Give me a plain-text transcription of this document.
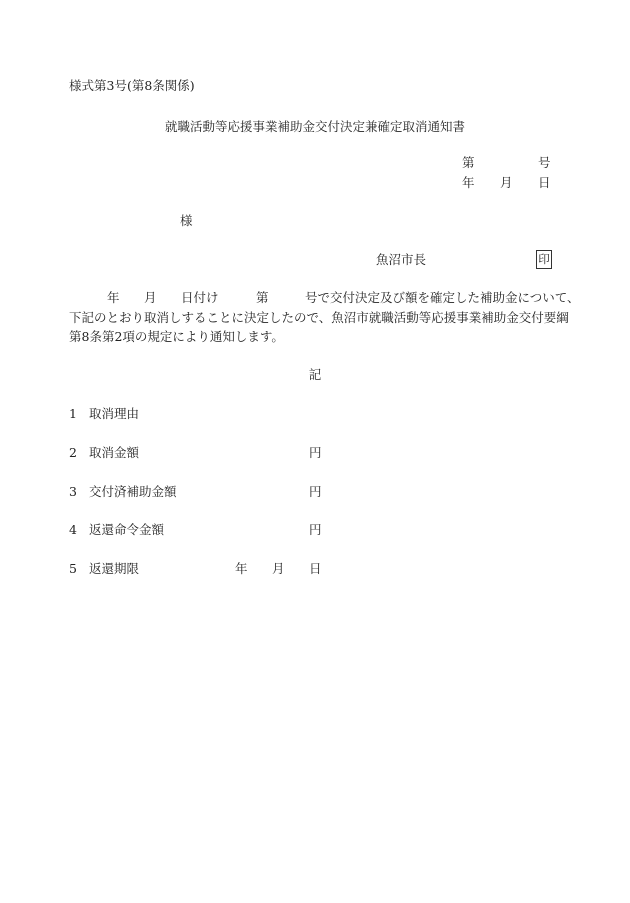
様式第3号(第8条関係)
就職活動等応援事業補助金交付決定兼確定取消通知書
第	号
年 月 日
様
魚沼市長	印
年 月 日付け	第	号で交付決定及び額を確定した補助金について、
下記のとおり取消しすることに決定したので、魚沼市就職活動等応援事業補助金交付要綱
第8条第2項の規定により通知します。
記
1 取消理由
2 取消金額	円
3 交付済補助金額	円
4 返還命令金額	円
5 返還期限	年 月 日
